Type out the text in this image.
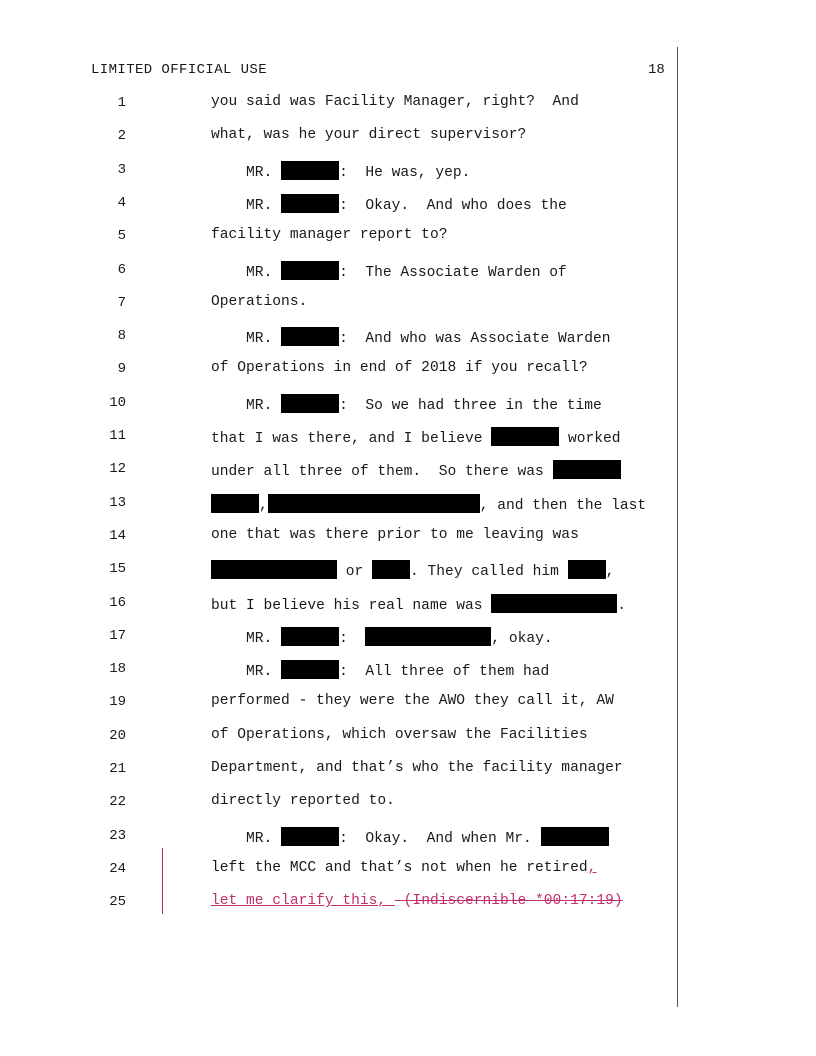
LIMITED OFFICIAL USE	18
1	you said was Facility Manager, right?  And
2	what, was he your direct supervisor?
3	MR.	:  He was, yep.
4	MR.	:  Okay.  And who does the
5	facility manager report to?
6	MR.	:  The Associate Warden of
7	Operations.
8	MR.	:  And who was Associate Warden
9	of Operations in end of 2018 if you recall?
10	MR.	:  So we had three in the time
11	that I was there, and I believe	worked
12	under all three of them.  So there was
13	,	, and then the last
14	one that was there prior to me leaving was
15	or	. They called him	,
16	but I believe his real name was	.
17	MR.	:	, okay.
18	MR.	:  All three of them had
19	performed - they were the AWO they call it, AW
20	of Operations, which oversaw the Facilities
21	Department, and that’s who the facility manager
22	directly reported to.
23	MR.	:  Okay.  And when Mr.
24	left the MCC and that’s not when he retired,
25	let me clarify this,  (Indiscernible *00:17:19)
